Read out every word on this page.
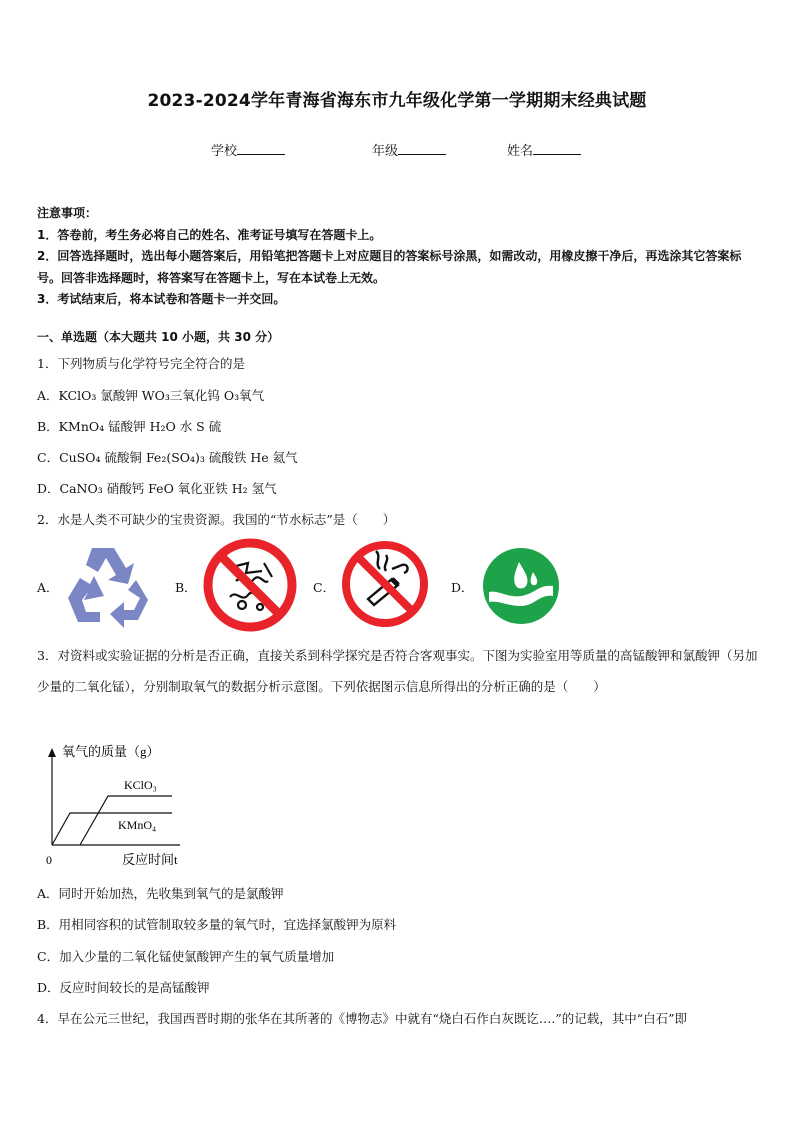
2023-2024学年青海省海东市九年级化学第一学期期末经典试题
学校	年级	姓名
注意事项：
1．答卷前，考生务必将自己的姓名、准考证号填写在答题卡上。
2．回答选择题时，选出每小题答案后，用铅笔把答题卡上对应题目的答案标号涂黑，如需改动，用橡皮擦干净后，再选涂其它答案标号。回答非选择题时，将答案写在答题卡上，写在本试卷上无效。
3．考试结束后，将本试卷和答题卡一并交回。
一、单选题（本大题共 10 小题，共 30 分）
1．下列物质与化学符号完全符合的是
A．KClO₃ 氯酸钾 WO₃三氧化钨 O₃氧气
B．KMnO₄ 锰酸钾 H₂O 水 S 硫
C．CuSO₄ 硫酸铜 Fe₂(SO₄)₃ 硫酸铁 He 氦气
D．CaNO₃ 硝酸钙 FeO 氧化亚铁 H₂ 氢气
2．水是人类不可缺少的宝贵资源。我国的“节水标志”是（　　）
A．	B．	C．	D．
3．对资料或实验证据的分析是否正确，直接关系到科学探究是否符合客观事实。下图为实验室用等质量的高锰酸钾和氯酸钾（另加少量的二氧化锰），分别制取氧气的数据分析示意图。下列依据图示信息所得出的分析正确的是（　　）
氧气的质量（g）
KClO₃
KMnO₄
0	反应时间t
A．同时开始加热，先收集到氧气的是氯酸钾
B．用相同容积的试管制取较多量的氧气时，宜选择氯酸钾为原料
C．加入少量的二氧化锰使氯酸钾产生的氧气质量增加
D．反应时间较长的是高锰酸钾
4．早在公元三世纪，我国西晋时期的张华在其所著的《博物志》中就有“烧白石作白灰既讫….”的记载，其中“白石”即
